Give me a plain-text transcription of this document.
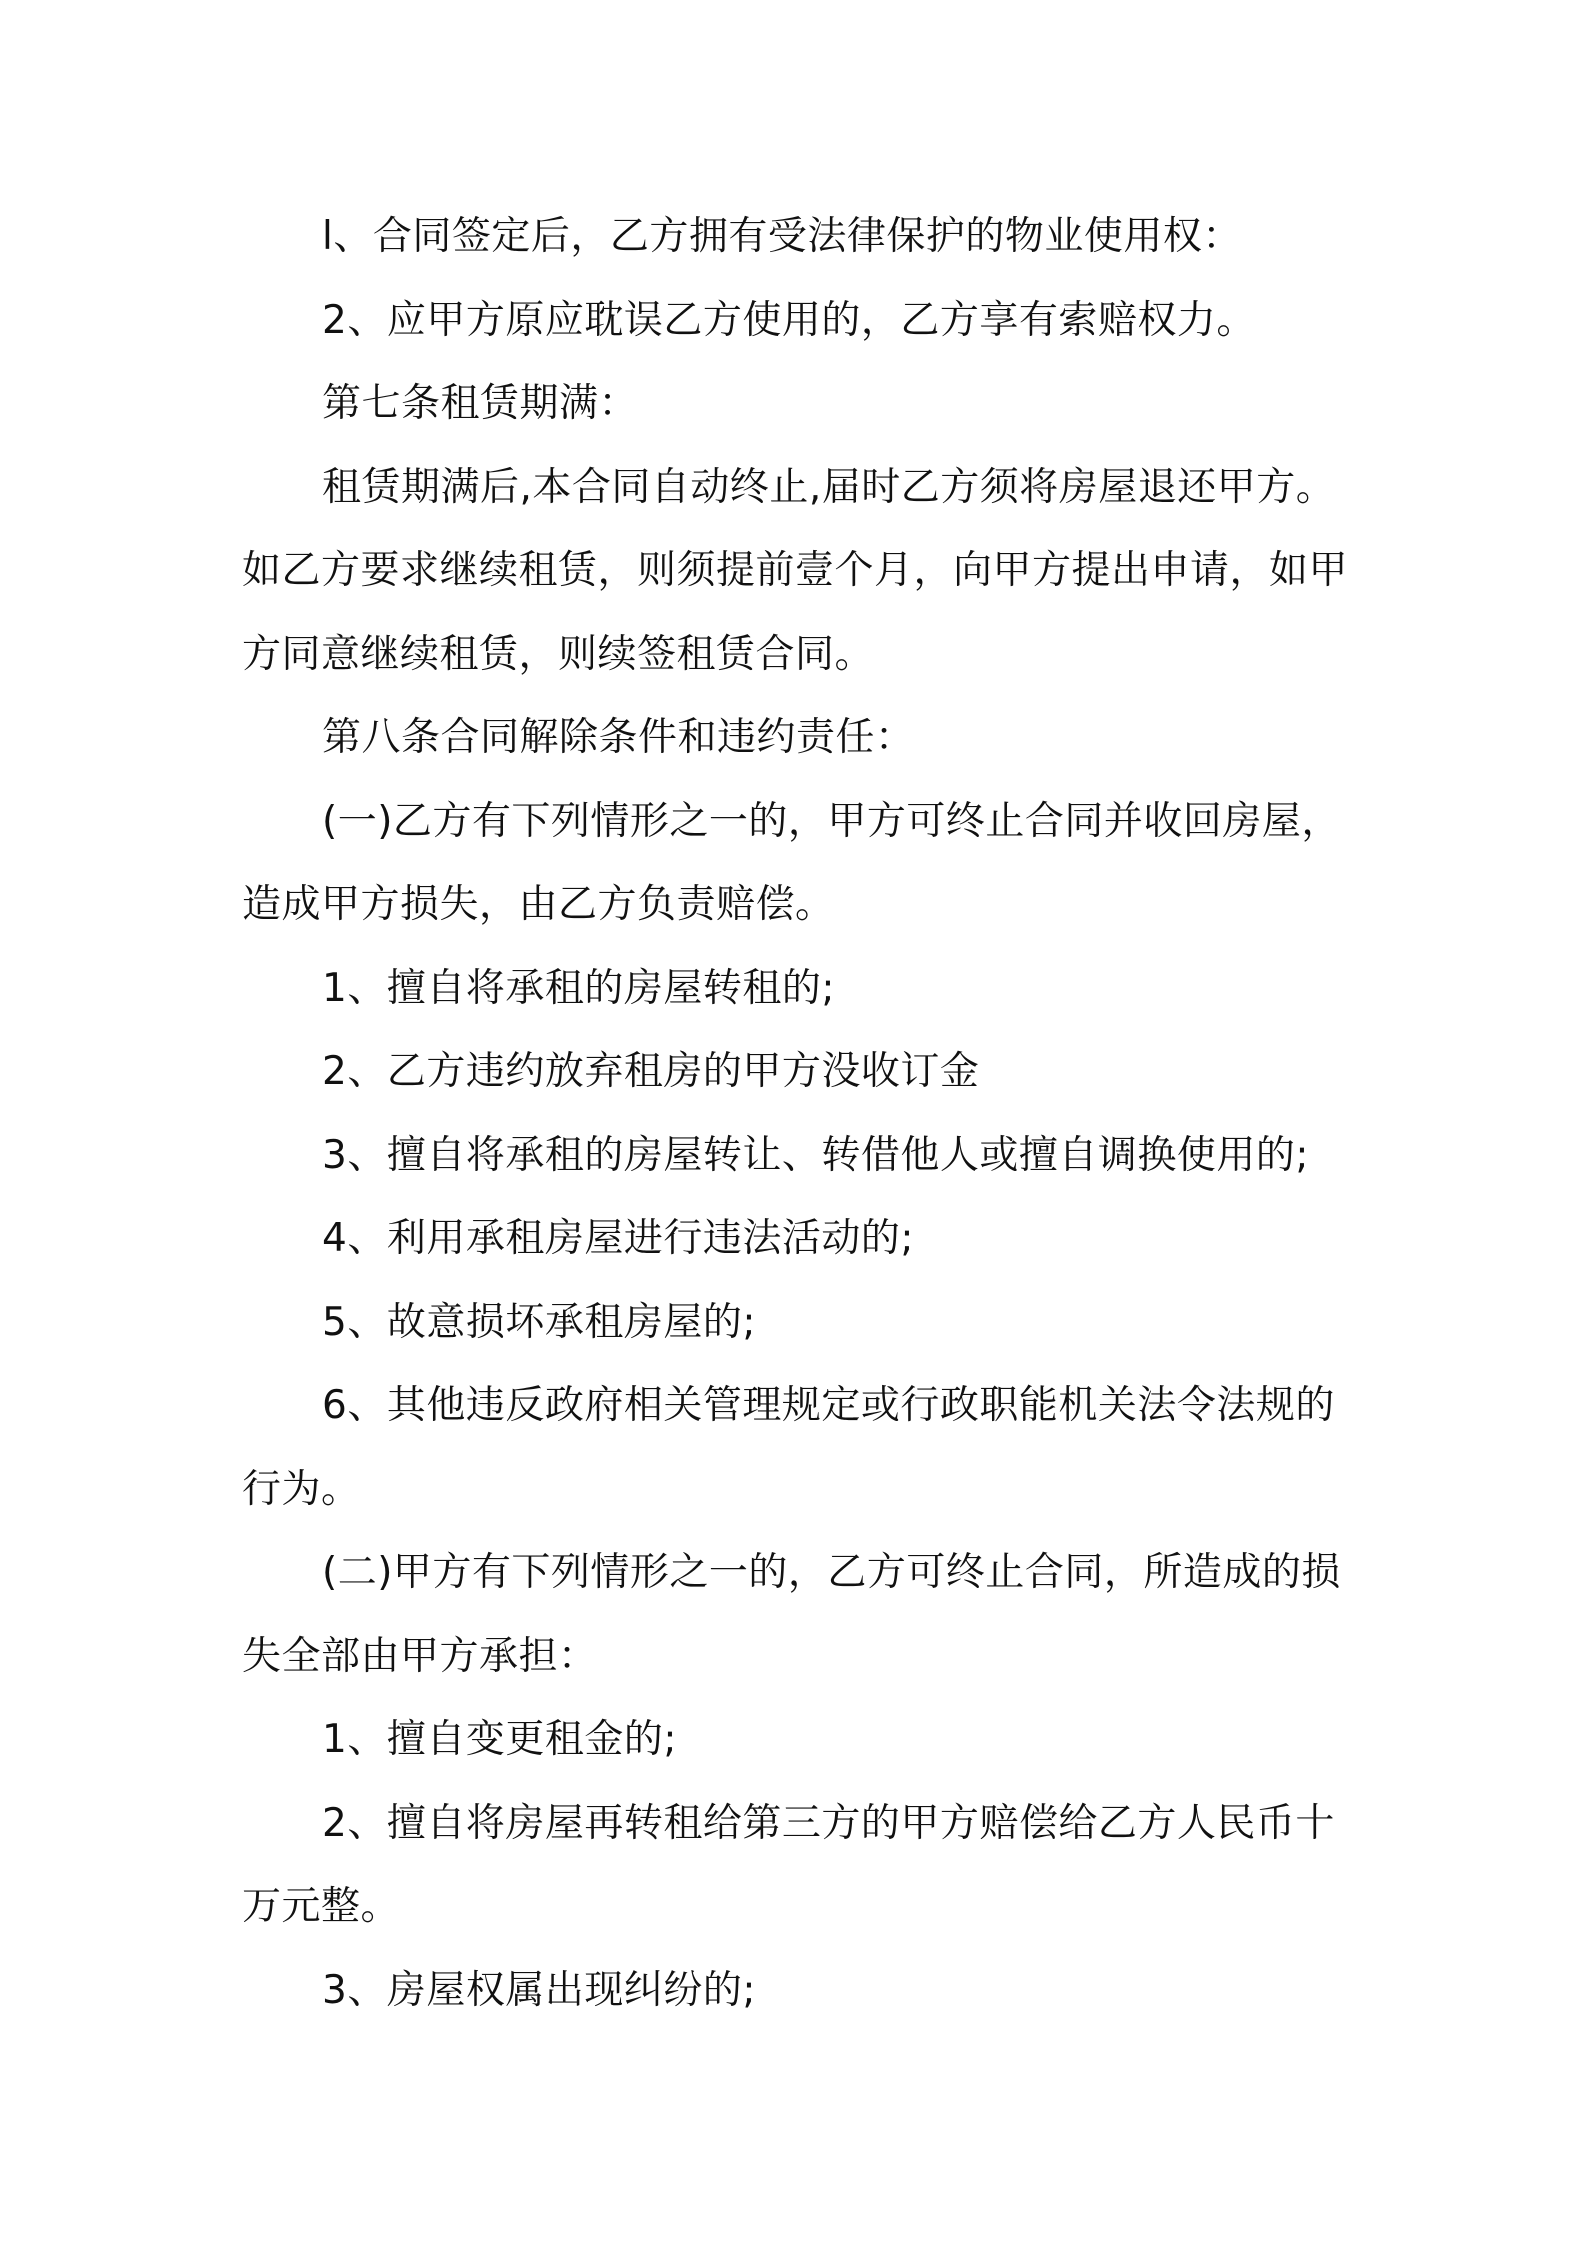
l、合同签定后，乙方拥有受法律保护的物业使用权：

2、应甲方原应耽误乙方使用的，乙方享有索赔权力。

第七条租赁期满：

租赁期满后,本合同自动终止,届时乙方须将房屋退还甲方。
如乙方要求继续租赁，则须提前壹个月，向甲方提出申请，如甲
方同意继续租赁，则续签租赁合同。

第八条合同解除条件和违约责任：

(一)乙方有下列情形之一的，甲方可终止合同并收回房屋，
造成甲方损失，由乙方负责赔偿。

1、擅自将承租的房屋转租的;

2、乙方违约放弃租房的甲方没收订金

3、擅自将承租的房屋转让、转借他人或擅自调换使用的;

4、利用承租房屋进行违法活动的;

5、故意损坏承租房屋的;

6、其他违反政府相关管理规定或行政职能机关法令法规的
行为。

(二)甲方有下列情形之一的，乙方可终止合同，所造成的损
失全部由甲方承担：

1、擅自变更租金的;

2、擅自将房屋再转租给第三方的甲方赔偿给乙方人民币十
万元整。

3、房屋权属出现纠纷的;
